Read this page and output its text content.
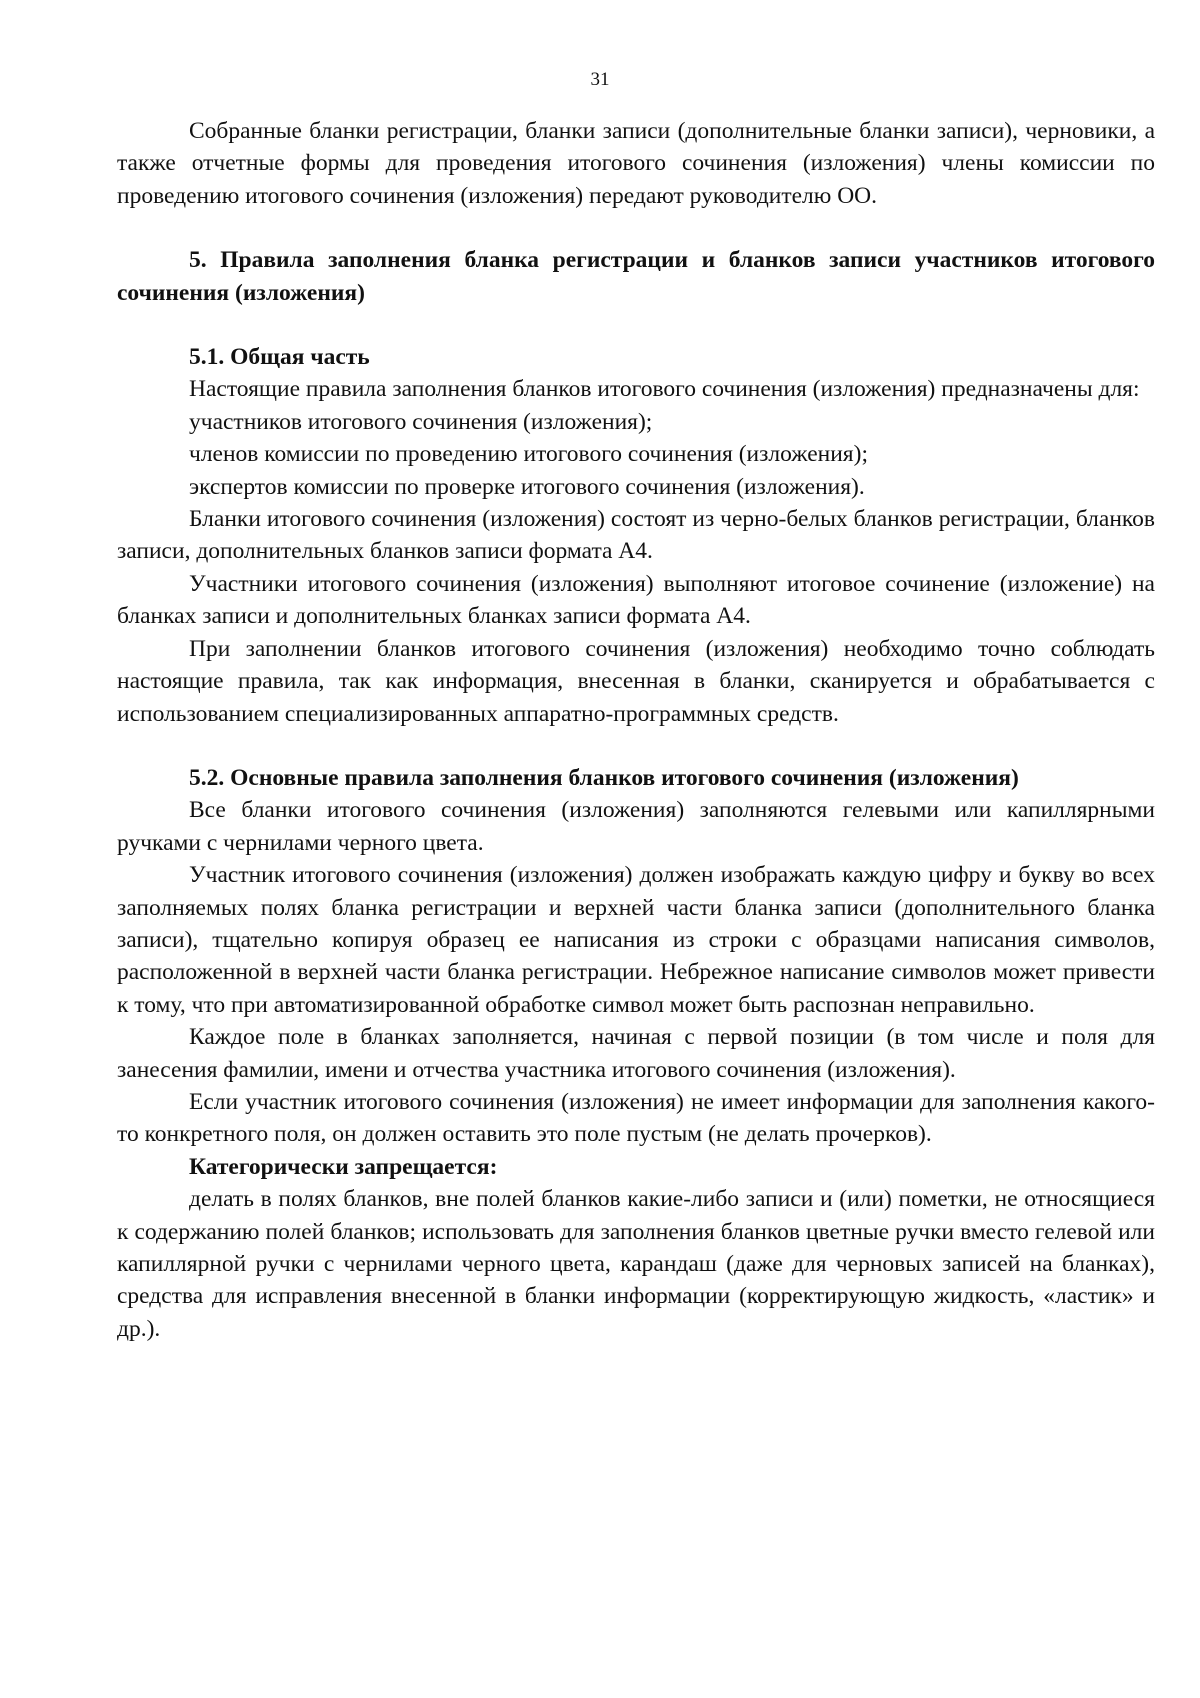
31

Собранные бланки регистрации, бланки записи (дополнительные бланки записи), черновики, а также отчетные формы для проведения итогового сочинения (изложения) члены комиссии по проведению итогового сочинения (изложения) передают руководителю ОО.

5. Правила заполнения бланка регистрации и бланков записи участников итогового сочинения (изложения)

5.1. Общая часть

Настоящие правила заполнения бланков итогового сочинения (изложения) предназначены для:

участников итогового сочинения (изложения);

членов комиссии по проведению итогового сочинения (изложения);

экспертов комиссии по проверке итогового сочинения (изложения).

Бланки итогового сочинения (изложения) состоят из черно-белых бланков регистрации, бланков записи, дополнительных бланков записи формата А4.

Участники итогового сочинения (изложения) выполняют итоговое сочинение (изложение) на бланках записи и дополнительных бланках записи формата А4.

При заполнении бланков итогового сочинения (изложения) необходимо точно соблюдать настоящие правила, так как информация, внесенная в бланки, сканируется и обрабатывается с использованием специализированных аппаратно-программных средств.

5.2. Основные правила заполнения бланков итогового сочинения (изложения)

Все бланки итогового сочинения (изложения) заполняются гелевыми или капиллярными ручками с чернилами черного цвета.

Участник итогового сочинения (изложения) должен изображать каждую цифру и букву во всех заполняемых полях бланка регистрации и верхней части бланка записи (дополнительного бланка записи), тщательно копируя образец ее написания из строки с образцами написания символов, расположенной в верхней части бланка регистрации. Небрежное написание символов может привести к тому, что при автоматизированной обработке символ может быть распознан неправильно.

Каждое поле в бланках заполняется, начиная с первой позиции (в том числе и поля для занесения фамилии, имени и отчества участника итогового сочинения (изложения).

Если участник итогового сочинения (изложения) не имеет информации для заполнения какого-то конкретного поля, он должен оставить это поле пустым (не делать прочерков).

Категорически запрещается:

делать в полях бланков, вне полей бланков какие-либо записи и (или) пометки, не относящиеся к содержанию полей бланков; использовать для заполнения бланков цветные ручки вместо гелевой или капиллярной ручки с чернилами черного цвета, карандаш (даже для черновых записей на бланках), средства для исправления внесенной в бланки информации (корректирующую жидкость, «ластик» и др.).
